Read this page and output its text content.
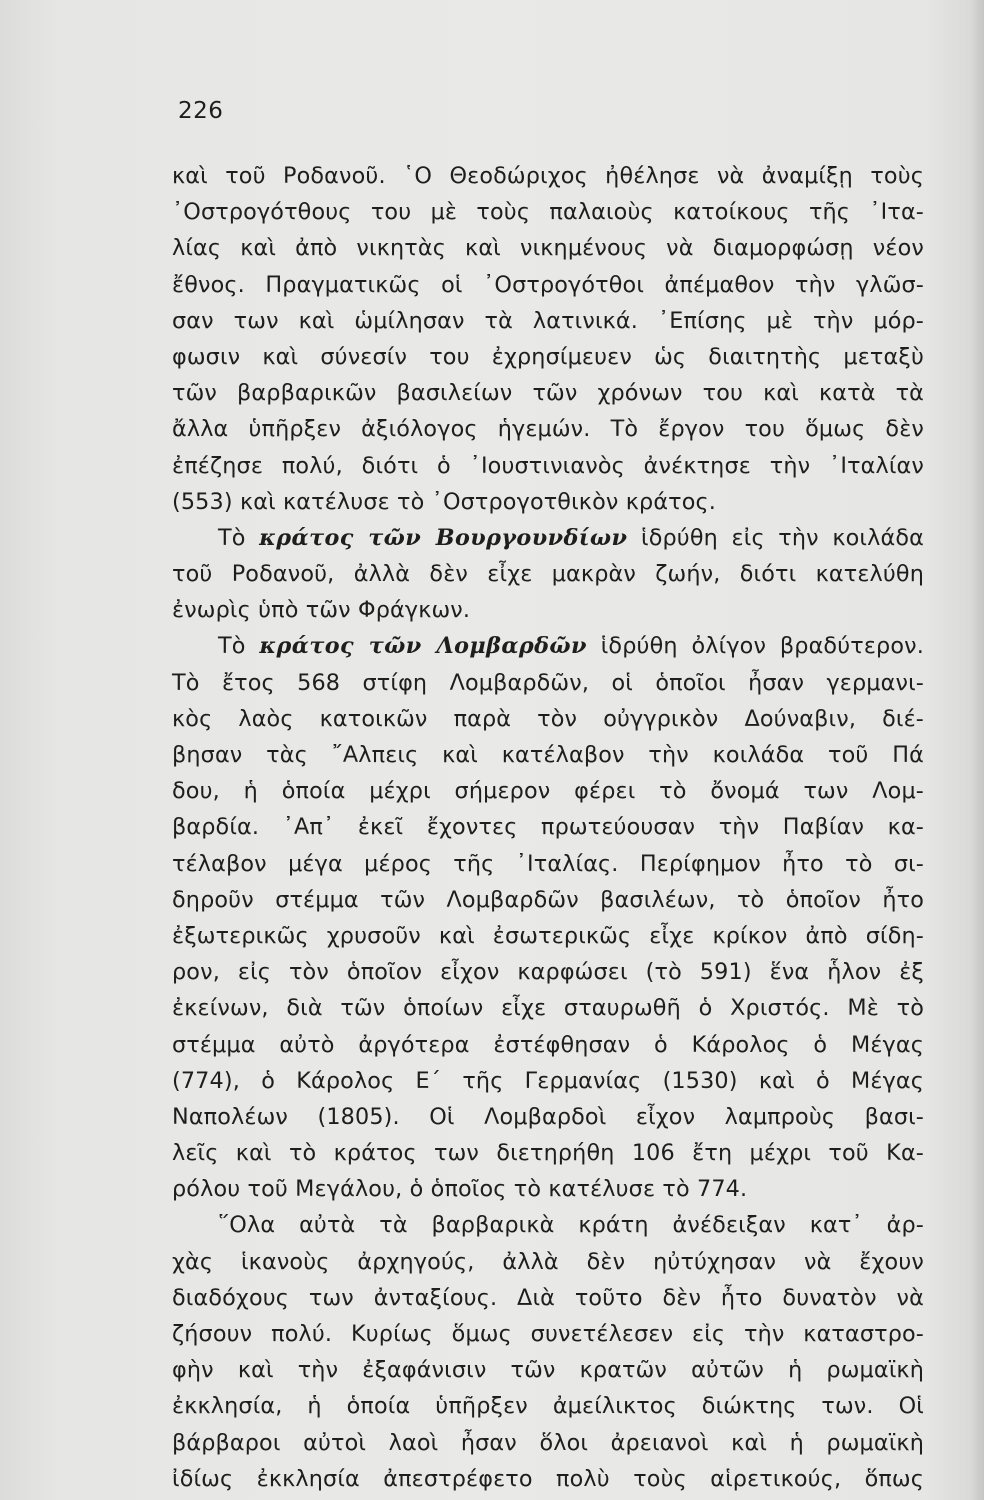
226
καὶ τοῦ Ροδανοῦ. ῾Ο Θεοδώριχος ἠθέλησε νὰ ἀναμίξῃ τοὺς
᾿Οστρογότθους του μὲ τοὺς παλαιοὺς κατοίκους τῆς ᾿Ιτα-
λίας καὶ ἀπὸ νικητὰς καὶ νικημένους νὰ διαμορφώσῃ νέον
ἔθνος. Πραγματικῶς οἱ ᾿Οστρογότθοι ἀπέμαθον τὴν γλῶσ-
σαν των καὶ ὡμίλησαν τὰ λατινικά. ᾿Επίσης μὲ τὴν μόρ-
φωσιν καὶ σύνεσίν του ἐχρησίμευεν ὡς διαιτητὴς μεταξὺ
τῶν βαρβαρικῶν βασιλείων τῶν χρόνων του καὶ κατὰ τὰ
ἄλλα ὑπῆρξεν ἀξιόλογος ἡγεμών. Τὸ ἔργον του ὅμως δὲν
ἐπέζησε πολύ, διότι ὁ ᾿Ιουστινιανὸς ἀνέκτησε τὴν ᾿Ιταλίαν
(553) καὶ κατέλυσε τὸ ᾿Οστρογοτθικὸν κράτος.
Τὸ κράτος τῶν Βουργουνδίων ἱδρύθη εἰς τὴν κοιλάδα
τοῦ Ροδανοῦ, ἀλλὰ δὲν εἶχε μακρὰν ζωήν, διότι κατελύθη
ἐνωρὶς ὑπὸ τῶν Φράγκων.
Τὸ κράτος τῶν Λομβαρδῶν ἱδρύθη ὀλίγον βραδύτερον.
Τὸ ἔτος 568 στίφη Λομβαρδῶν, οἱ ὁποῖοι ἦσαν γερμανι-
κὸς λαὸς κατοικῶν παρὰ τὸν οὐγγρικὸν Δούναβιν, διέ-
βησαν τὰς ῎Αλπεις καὶ κατέλαβον τὴν κοιλάδα τοῦ Πά
δου, ἡ ὁποία μέχρι σήμερον φέρει τὸ ὄνομά των Λομ-
βαρδία. ᾿Απ᾿ ἐκεῖ ἔχοντες πρωτεύουσαν τὴν Παβίαν κα-
τέλαβον μέγα μέρος τῆς ᾿Ιταλίας. Περίφημον ἦτο τὸ σι-
δηροῦν στέμμα τῶν Λομβαρδῶν βασιλέων, τὸ ὁποῖον ἦτο
ἐξωτερικῶς χρυσοῦν καὶ ἐσωτερικῶς εἶχε κρίκον ἀπὸ σίδη-
ρον, εἰς τὸν ὁποῖον εἶχον καρφώσει (τὸ 591) ἕνα ἧλον ἐξ
ἐκείνων, διὰ τῶν ὁποίων εἶχε σταυρωθῆ ὁ Χριστός. Μὲ τὸ
στέμμα αὐτὸ ἀργότερα ἐστέφθησαν ὁ Κάρολος ὁ Μέγας
(774), ὁ Κάρολος Ε´ τῆς Γερμανίας (1530) καὶ ὁ Μέγας
Ναπολέων (1805). Οἱ Λομβαρδοὶ εἶχον λαμπροὺς βασι-
λεῖς καὶ τὸ κράτος των διετηρήθη 106 ἔτη μέχρι τοῦ Κα-
ρόλου τοῦ Μεγάλου, ὁ ὁποῖος τὸ κατέλυσε τὸ 774.
῞Ολα αὐτὰ τὰ βαρβαρικὰ κράτη ἀνέδειξαν κατ᾿ ἀρ-
χὰς ἱκανοὺς ἀρχηγούς, ἀλλὰ δὲν ηὐτύχησαν νὰ ἔχουν
διαδόχους των ἀνταξίους. Διὰ τοῦτο δὲν ἦτο δυνατὸν νὰ
ζήσουν πολύ. Κυρίως ὅμως συνετέλεσεν εἰς τὴν καταστρο-
φὴν καὶ τὴν ἐξαφάνισιν τῶν κρατῶν αὐτῶν ἡ ρωμαϊκὴ
ἐκκλησία, ἡ ὁποία ὑπῆρξεν ἀμείλικτος διώκτης των. Οἱ
βάρβαροι αὐτοὶ λαοὶ ἦσαν ὅλοι ἀρειανοὶ καὶ ἡ ρωμαϊκὴ
ἰδίως ἐκκλησία ἀπεστρέφετο πολὺ τοὺς αἱρετικούς, ὅπως
